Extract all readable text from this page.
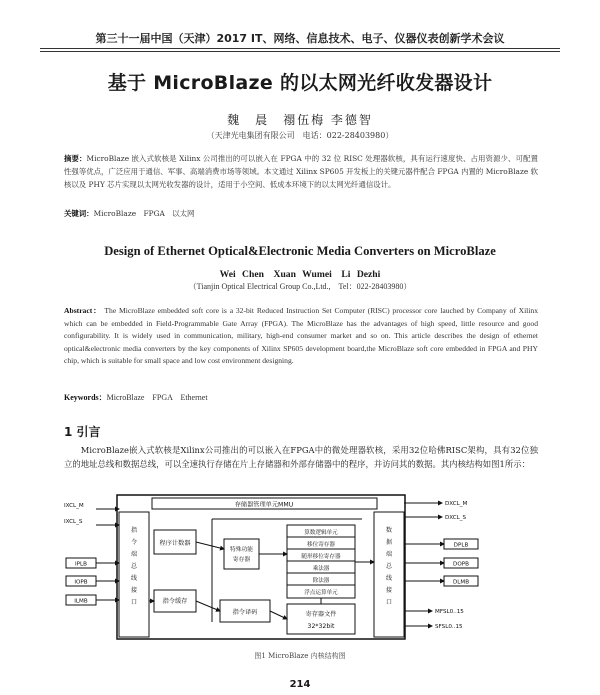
第三十一届中国（天津）2017 IT、网络、信息技术、电子、仪器仪表创新学术会议
基于 MicroBlaze 的以太网光纤收发器设计
魏　晨　禤伍梅 李德智
（天津光电集团有限公司　电话：022-28403980）
摘要：MicroBlaze 嵌入式软核是 Xilinx 公司推出的可以嵌入在 FPGA 中的 32 位 RISC 处理器软核，具有运行速度快、占用资源少、可配置性强等优点，广泛应用于通信、军事、高端消费市场等领域。本文通过 Xilinx SP605 开发板上的关键元器件配合 FPGA 内置的 MicroBlaze 软核以及 PHY 芯片实现以太网光收发器的设计，适用于小空间、低成本环境下的以太网光纤通信设计。
关键词：MicroBlaze　FPGA　以太网
Design of Ethernet Optical&Electronic Media Converters on MicroBlaze
Wei Chen　Xuan Wumei　Li Dezhi
（Tianjin Optical Electrical Group Co.,Ltd.,　Tel：022-28403980）
Abstract： The MicroBlaze embedded soft core is a 32-bit Reduced Instruction Set Computer (RISC) processor core lauched by Company of Xilinx which can be embedded in Field-Programmable Gate Array (FPGA). The MicroBlaze has the advantages of high speed, little resource and good configurability. It is widely used in communication, military, high-end consumer market and so on. This article describes the design of ethernet optical&electronic media converters by the key components of Xilinx SP605 development board,the MicroBlaze soft core embedded in FPGA and PHY chip, which is suitable for small space and low cost environment designing.
Keywords：MicroBlaze　FPGA　Ethernet
1 引言
MicroBlaze嵌入式软核是Xilinx公司推出的可以嵌入在FPGA中的微处理器软核，采用32位哈佛RISC架构，具有32位独立的地址总线和数据总线，可以全速执行存储在片上存储器和外部存储器中的程序，并访问其的数据。其内核结构如图1所示：
存储器管理单元MMU
程序计数器
指令缓存
指令译码	寄存器文件
32*32bit
算数逻辑单元
移位寄存器
随形移位寄存器
乘法器
除法器
浮点运算单元
IXCL_M
IXCL_S
IPLB
IOPB
ILMB
DXCL_M
DXCL_S
DPLB
DOPB
DLMB
MFSL0..15
SFSL0..15
指令端总线接口
数据端总线接口
特殊功能
寄存器
图1 MicroBlaze 内核结构图
214
